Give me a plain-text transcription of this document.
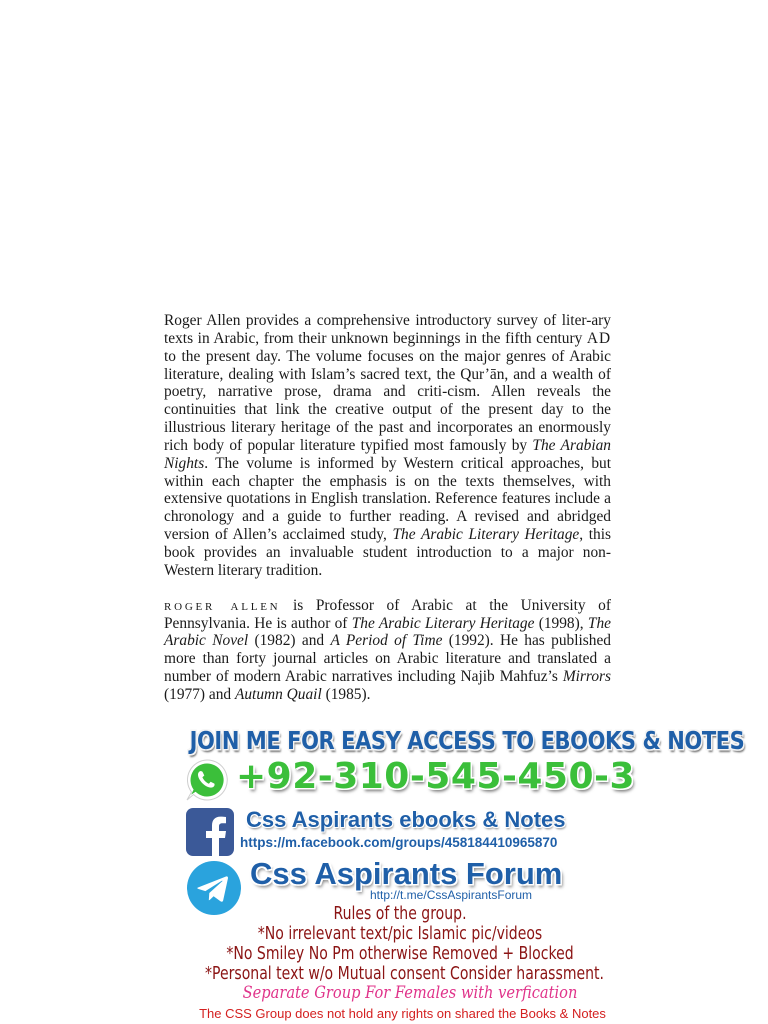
Roger Allen provides a comprehensive introductory survey of liter-ary texts in Arabic, from their unknown beginnings in the fifth century AD to the present day. The volume focuses on the major genres of Arabic literature, dealing with Islam’s sacred text, the Qur’ān, and a wealth of poetry, narrative prose, drama and criti-cism. Allen reveals the continuities that link the creative output of the present day to the illustrious literary heritage of the past and incorporates an enormously rich body of popular literature typified most famously by The Arabian Nights. The volume is informed by Western critical approaches, but within each chapter the emphasis is on the texts themselves, with extensive quotations in English translation. Reference features include a chronology and a guide to further reading. A revised and abridged version of Allen’s acclaimed study, The Arabic Literary Heritage, this book provides an invaluable student introduction to a major non-Western literary tradition.

roger allen is Professor of Arabic at the University of Pennsylvania. He is author of The Arabic Literary Heritage (1998), The Arabic Novel (1982) and A Period of Time (1992). He has published more than forty journal articles on Arabic literature and translated a number of modern Arabic narratives including Najib Mahfuz’s Mirrors (1977) and Autumn Quail (1985).

JOIN ME FOR EASY ACCESS TO EBOOKS & NOTES
+92-310-545-450-3
Css Aspirants ebooks & Notes
https://m.facebook.com/groups/458184410965870
Css Aspirants Forum
http://t.me/CssAspirantsForum
Rules of the group.
*No irrelevant text/pic Islamic pic/videos
*No Smiley No Pm otherwise Removed + Blocked
*Personal text w/o Mutual consent Consider harassment.
Separate Group For Females with verfication
The CSS Group does not hold any rights on shared the Books & Notes
